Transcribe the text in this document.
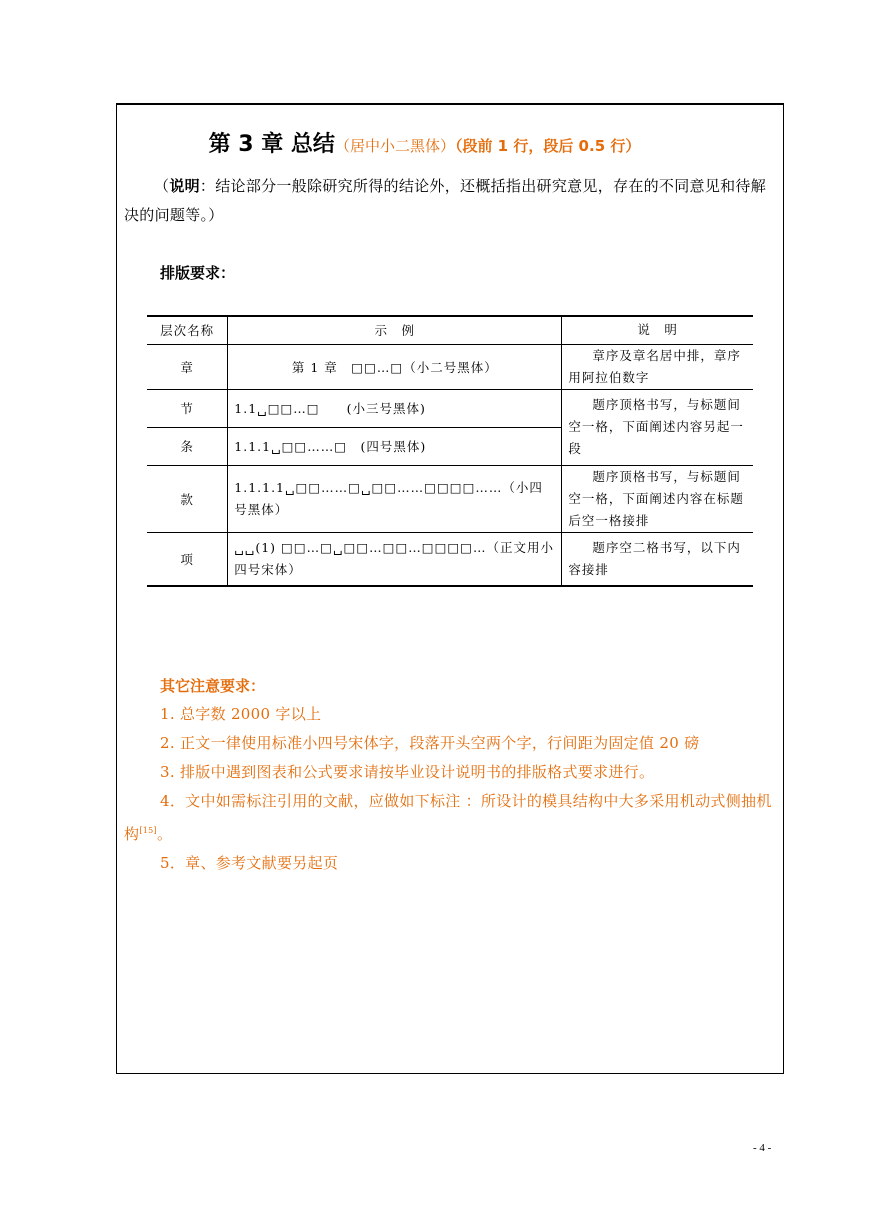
第 3 章 总结（居中小二黑体）（段前 1 行，段后 0.5 行）
（说明：结论部分一般除研究所得的结论外，还概括指出研究意见，存在的不同意见和待解决的问题等。）
排版要求：
层次名称	示　例	说　明
章	第 1 章　□□…□（小二号黑体）	章序及章名居中排，章序用阿拉伯数字
节	1.1␣□□…□　　(小三号黑体)	题序顶格书写，与标题间空一格，下面阐述内容另起一段
条	1.1.1␣□□……□　(四号黑体)	
款	1.1.1.1␣□□……□␣□□……□□□□……（小四号黑体）	题序顶格书写，与标题间空一格，下面阐述内容在标题后空一格接排
项	␣␣(1) □□…□␣□□…□□…□□□□…（正文用小四号宋体）	题序空二格书写，以下内容接排
其它注意要求：
1. 总字数 2000 字以上
2. 正文一律使用标准小四号宋体字，段落开头空两个字，行间距为固定值 20 磅
3. 排版中遇到图表和公式要求请按毕业设计说明书的排版格式要求进行。
4．文中如需标注引用的文献，应做如下标注 ：所设计的模具结构中大多采用机动式侧抽机构[15]。
5．章、参考文献要另起页
- 4 -
